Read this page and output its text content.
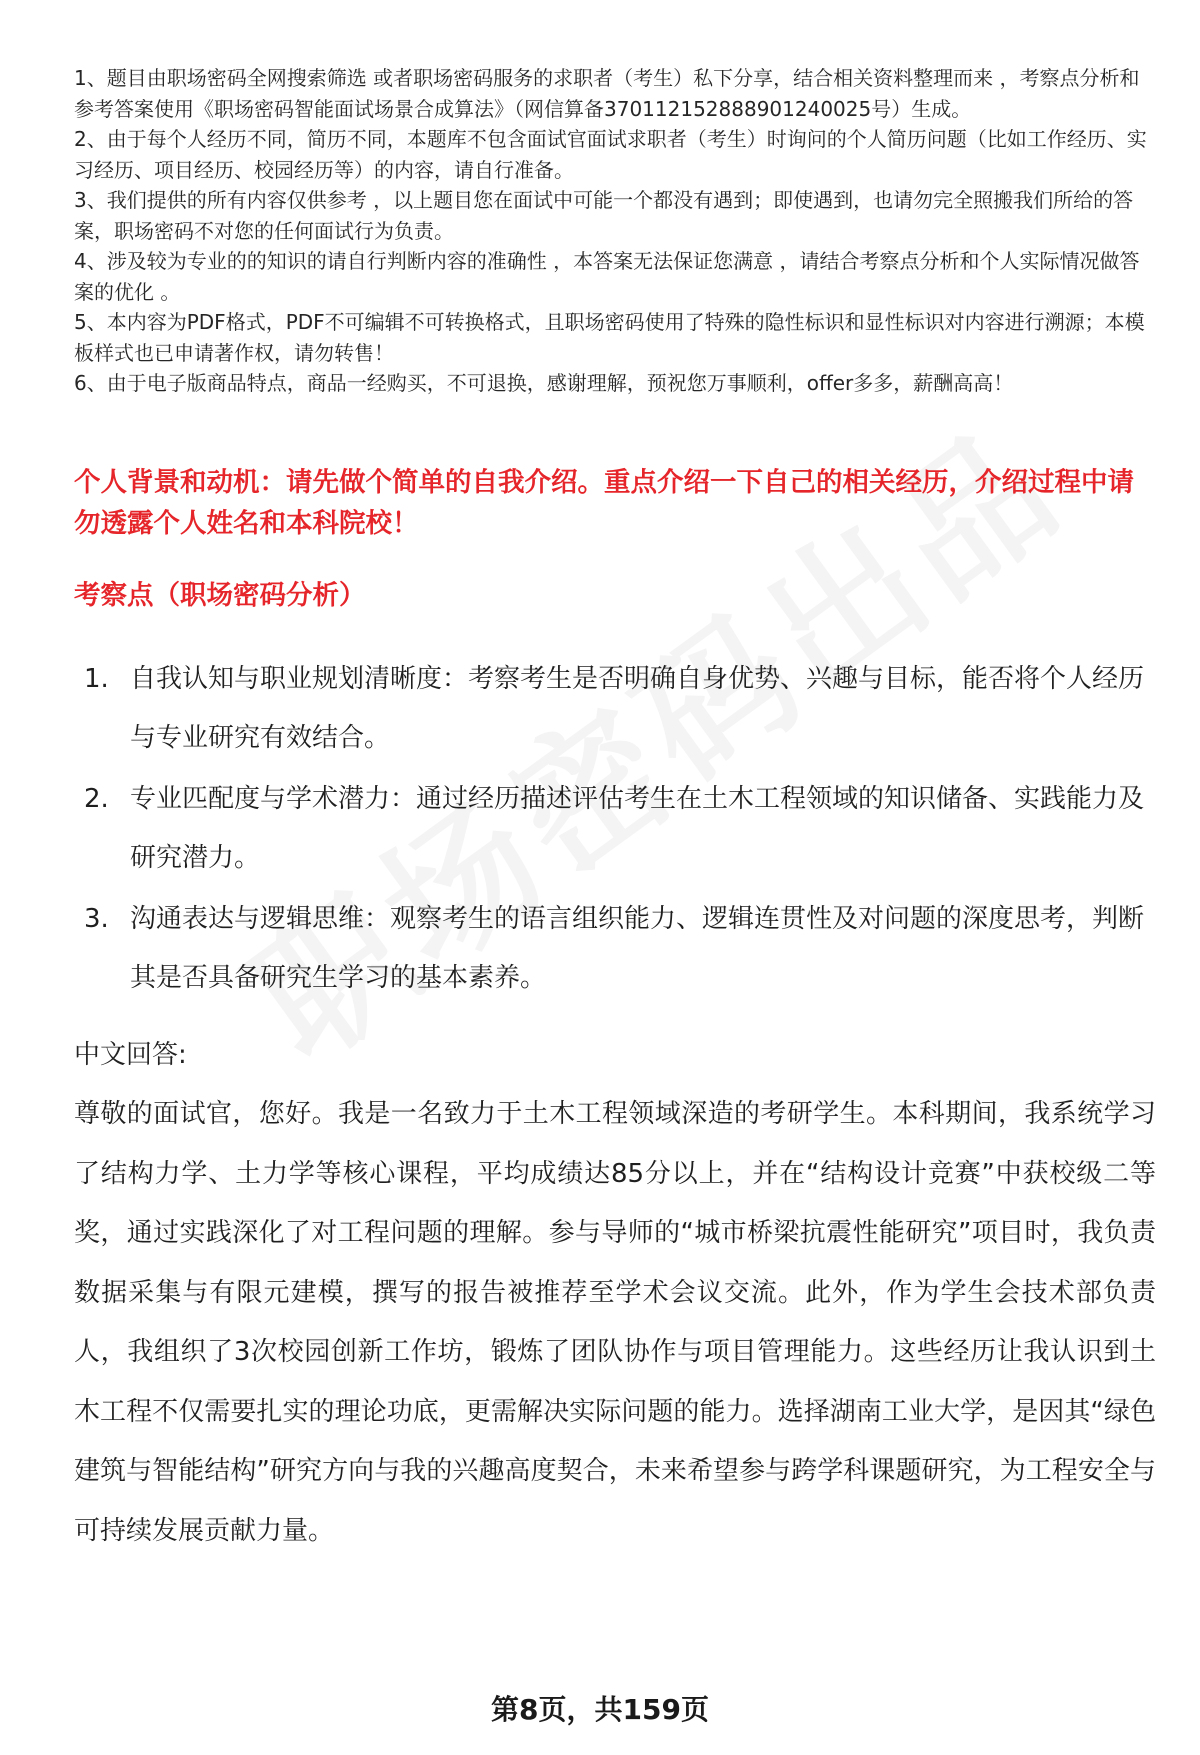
1、题目由职场密码全网搜索筛选 或者职场密码服务的求职者（考生）私下分享，结合相关资料整理而来 ，考察点分析和参考答案使用《职场密码智能面试场景合成算法》（网信算备370112152888901240025号）生成。

2、由于每个人经历不同，简历不同，本题库不包含面试官面试求职者（考生）时询问的个人简历问题（比如工作经历、实习经历、项目经历、校园经历等）的内容，请自行准备。

3、我们提供的所有内容仅供参考 ，以上题目您在面试中可能一个都没有遇到；即使遇到，也请勿完全照搬我们所给的答案，职场密码不对您的任何面试行为负责。

4、涉及较为专业的的知识的请自行判断内容的准确性 ，本答案无法保证您满意 ，请结合考察点分析和个人实际情况做答案的优化 。

5、本内容为PDF格式，PDF不可编辑不可转换格式，且职场密码使用了特殊的隐性标识和显性标识对内容进行溯源；本模板样式也已申请著作权，请勿转售！

6、由于电子版商品特点，商品一经购买，不可退换，感谢理解，预祝您万事顺利，offer多多，薪酬高高！

个人背景和动机：请先做个简单的自我介绍。重点介绍一下自己的相关经历，介绍过程中请勿透露个人姓名和本科院校！
考察点（职场密码分析）
1. 自我认知与职业规划清晰度：考察考生是否明确自身优势、兴趣与目标，能否将个人经历与专业研究有效结合。
2. 专业匹配度与学术潜力：通过经历描述评估考生在土木工程领域的知识储备、实践能力及研究潜力。
3. 沟通表达与逻辑思维：观察考生的语言组织能力、逻辑连贯性及对问题的深度思考，判断其是否具备研究生学习的基本素养。
中文回答:

尊敬的面试官，您好。我是一名致力于土木工程领域深造的考研学生。本科期间，我系统学习了结构力学、土力学等核心课程，平均成绩达85分以上，并在“结构设计竞赛”中获校级二等奖，通过实践深化了对工程问题的理解。参与导师的“城市桥梁抗震性能研究”项目时，我负责数据采集与有限元建模，撰写的报告被推荐至学术会议交流。此外，作为学生会技术部负责人，我组织了3次校园创新工作坊，锻炼了团队协作与项目管理能力。这些经历让我认识到土木工程不仅需要扎实的理论功底，更需解决实际问题的能力。选择湖南工业大学，是因其“绿色建筑与智能结构”研究方向与我的兴趣高度契合，未来希望参与跨学科课题研究，为工程安全与可持续发展贡献力量。

第8页，共159页
